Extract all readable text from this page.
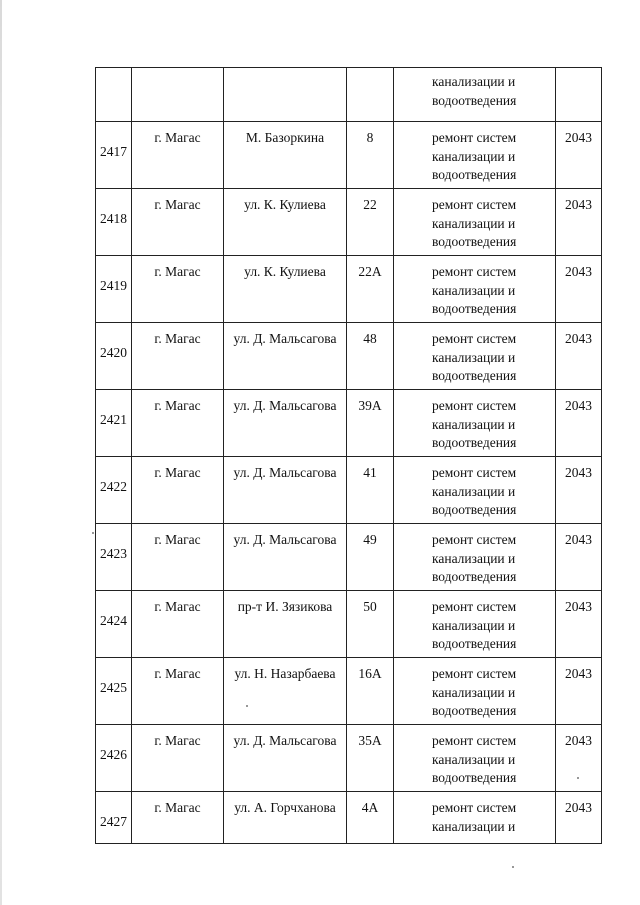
				канализации и
водоотведения	

2417	г. Магас	М. Базоркина	8	ремонт систем
канализации и
водоотведения	2043

2418	г. Магас	ул. К. Кулиева	22	ремонт систем
канализации и
водоотведения	2043

2419	г. Магас	ул. К. Кулиева	22А	ремонт систем
канализации и
водоотведения	2043

2420	г. Магас	ул. Д. Мальсагова	48	ремонт систем
канализации и
водоотведения	2043

2421	г. Магас	ул. Д. Мальсагова	39А	ремонт систем
канализации и
водоотведения	2043

2422	г. Магас	ул. Д. Мальсагова	41	ремонт систем
канализации и
водоотведения	2043

2423	г. Магас	ул. Д. Мальсагова	49	ремонт систем
канализации и
водоотведения	2043

2424	г. Магас	пр-т И. Зязикова	50	ремонт систем
канализации и
водоотведения	2043

2425	г. Магас	ул. Н. Назарбаева	16А	ремонт систем
канализации и
водоотведения	2043

2426	г. Магас	ул. Д. Мальсагова	35А	ремонт систем
канализации и
водоотведения	2043

2427	г. Магас	ул. А. Горчханова	4А	ремонт систем
канализации и	2043
